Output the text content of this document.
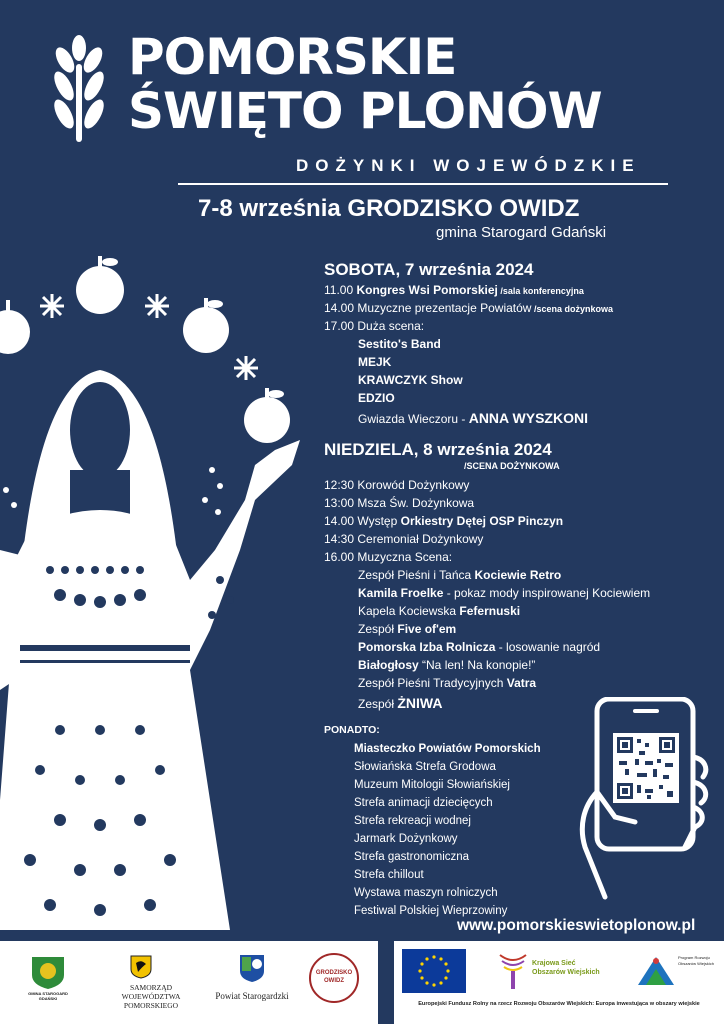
POMORSKIE
ŚWIĘTO PLONÓW
DOŻYNKI WOJEWÓDZKIE
7-8 września GRODZISKO OWIDZ
gmina Starogard Gdański
SOBOTA, 7 września 2024
11.00 Kongres Wsi Pomorskiej /sala konferencyjna
14.00 Muzyczne prezentacje Powiatów /scena dożynkowa
17.00 Duża scena:
Sestito's Band
MEJK
KRAWCZYK Show
EDZIO
Gwiazda Wieczoru - ANNA WYSZKONI
NIEDZIELA, 8 września 2024
/SCENA DOŻYNKOWA
12:30 Korowód Dożynkowy
13:00 Msza Św. Dożynkowa
14.00 Występ Orkiestry Dętej OSP Pinczyn
14:30 Ceremoniał Dożynkowy
16.00 Muzyczna Scena:
Zespół Pieśni i Tańca Kociewie Retro
Kamila Froelke - pokaz mody inspirowanej Kociewiem
Kapela Kociewska Fefernuski
Zespół Five of'em
Pomorska Izba Rolnicza - losowanie nagród
Białogłosy “Na len! Na konopie!”
Zespół Pieśni Tradycyjnych Vatra
Zespół ŻNIWA
PONADTO:
Miasteczko Powiatów Pomorskich
Słowiańska Strefa Grodowa
Muzeum Mitologii Słowiańskiej
Strefa animacji dziecięcych
Strefa rekreacji wodnej
Jarmark Dożynkowy
Strefa gastronomiczna
Strefa chillout
Wystawa maszyn rolniczych
Festiwal Polskiej Wieprzowiny
www.pomorskieswietoplonow.pl
GMINA STAROGARD GDAŃSKI
SAMORZĄD
WOJEWÓDZTWA POMORSKIEGO
Powiat Starogardzki
GRODZISKO OWIDZ
Krajowa Sieć
Obszarów Wiejskich
Program Rozwoju Obszarów Wiejskich
Europejski Fundusz Rolny na rzecz Rozwoju Obszarów Wiejskich: Europa inwestująca w obszary wiejskie
